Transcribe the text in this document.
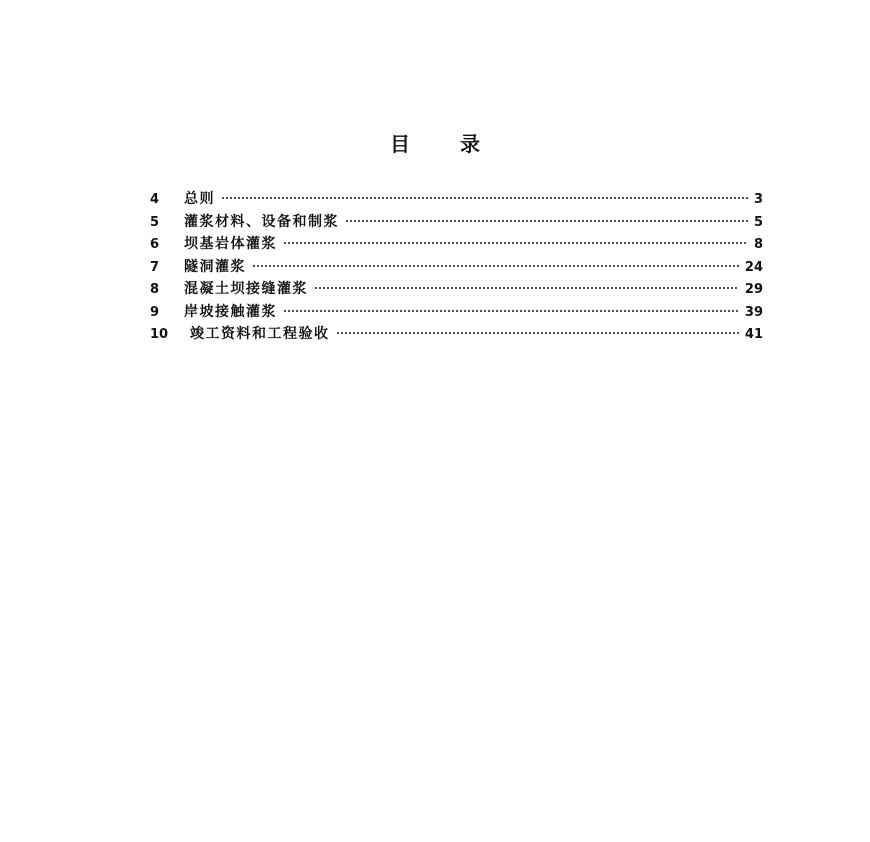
目	录
4	总则	3
5	灌浆材料、设备和制浆	5
6	坝基岩体灌浆	8
7	隧洞灌浆	24
8	混凝土坝接缝灌浆	29
9	岸坡接触灌浆	39
10	竣工资料和工程验收	41
